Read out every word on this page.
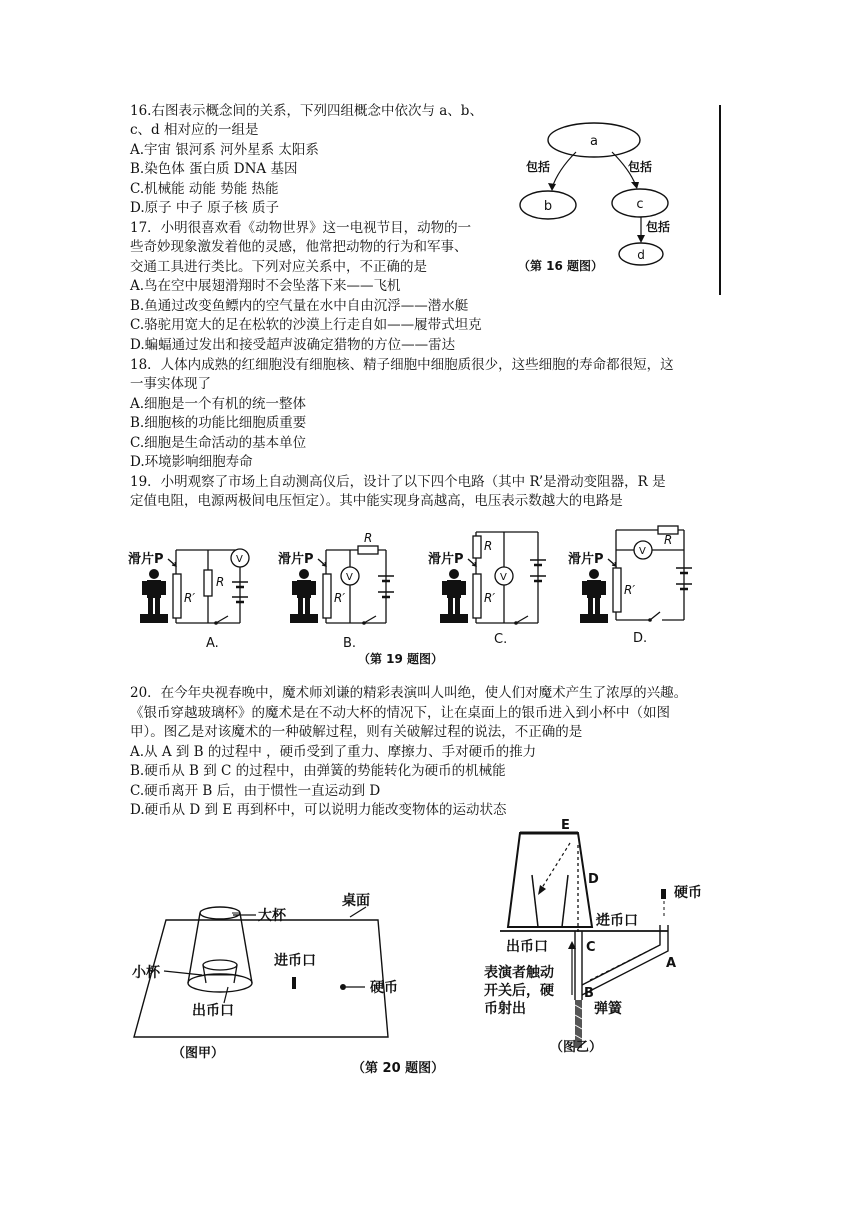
16.右图表示概念间的关系，下列四组概念中依次与 a、b、
c、d 相对应的一组是
A.宇宙 银河系 河外星系 太阳系
B.染色体 蛋白质 DNA 基因
C.机械能 动能 势能 热能
D.原子 中子 原子核 质子
a
b	c
d
包括	包括
包括
（第 16 题图）
17．小明很喜欢看《动物世界》这一电视节目，动物的一
些奇妙现象激发着他的灵感，他常把动物的行为和军事、
交通工具进行类比。下列对应关系中，不正确的是
A.鸟在空中展翅滑翔时不会坠落下来——飞机
B.鱼通过改变鱼鳔内的空气量在水中自由沉浮——潜水艇
C.骆驼用宽大的足在松软的沙漠上行走自如——履带式坦克
D.蝙蝠通过发出和接受超声波确定猎物的方位——雷达
18．人体内成熟的红细胞没有细胞核、精子细胞中细胞质很少，这些细胞的寿命都很短，这
一事实体现了
A.细胞是一个有机的统一整体
B.细胞核的功能比细胞质重要
C.细胞是生命活动的基本单位
D.环境影响细胞寿命
19．小明观察了市场上自动测高仪后，设计了以下四个电路（其中 R’是滑动变阻器，R 是
定值电阻，电源两极间电压恒定）。其中能实现身高越高，电压表示数越大的电路是
滑片P
R′
R
V
A.
滑片P
R′
V
R
B.
滑片P
R
R′
V
C.
滑片P
R′
V
R
D.
（第 19 题图）
20．在今年央视春晚中，魔术师刘谦的精彩表演叫人叫绝，使人们对魔术产生了浓厚的兴趣。
《银币穿越玻璃杯》的魔术是在不动大杯的情况下，让在桌面上的银币进入到小杯中（如图
甲）。图乙是对该魔术的一种破解过程，则有关破解过程的说法，不正确的是
A.从 A 到 B 的过程中 ，硬币受到了重力、摩擦力、手对硬币的推力
B.硬币从 B 到 C 的过程中，由弹簧的势能转化为硬币的机械能
C.硬币离开 B 后，由于惯性一直运动到 D
D.硬币从 D 到 E 再到杯中，可以说明力能改变物体的运动状态
大杯
桌面
小杯
进币口
硬币
出币口
（图甲）
E
D
硬币
进币口
出币口	C
A
表演者触动
开关后，硬
币射出
B
弹簧
（图乙）
（第 20 题图）
